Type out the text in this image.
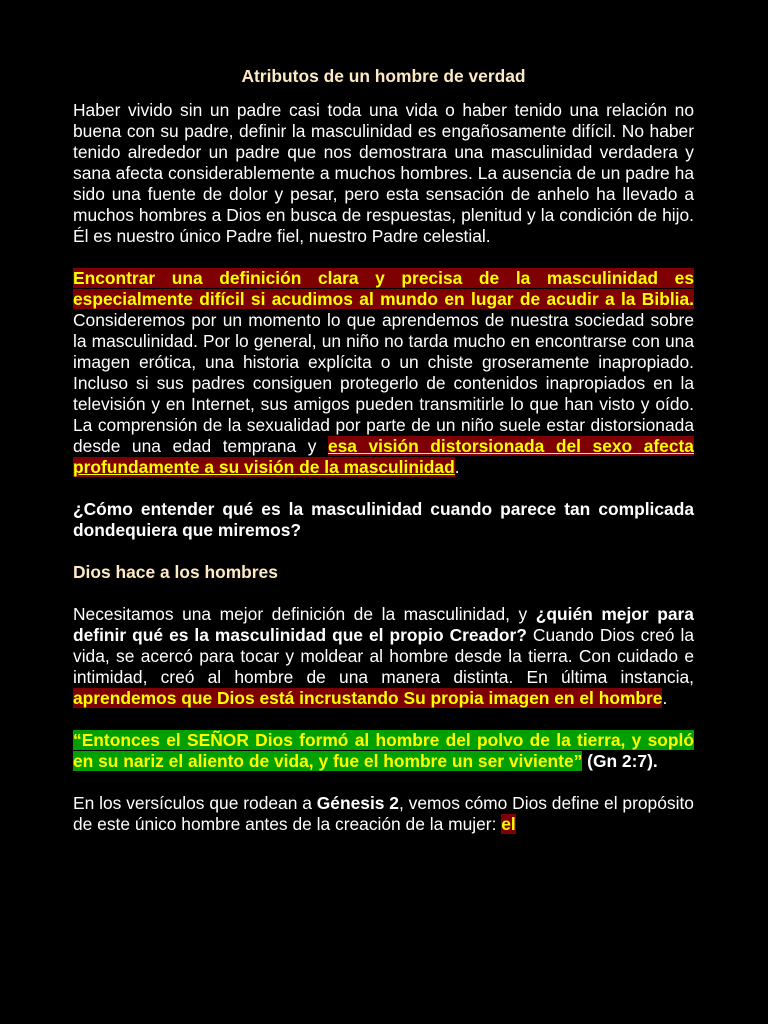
Atributos de un hombre de verdad

Haber vivido sin un padre casi toda una vida o haber tenido una relación no buena con su padre, definir la masculinidad es engañosamente difícil. No haber tenido alrededor un padre que nos demostrara una masculinidad verdadera y sana afecta considerablemente a muchos hombres. La ausencia de un padre ha sido una fuente de dolor y pesar, pero esta sensación de anhelo ha llevado a muchos hombres a Dios en busca de respuestas, plenitud y la condición de hijo. Él es nuestro único Padre fiel, nuestro Padre celestial.

Encontrar una definición clara y precisa de la masculinidad es especialmente difícil si acudimos al mundo en lugar de acudir a la Biblia. Consideremos por un momento lo que aprendemos de nuestra sociedad sobre la masculinidad. Por lo general, un niño no tarda mucho en encontrarse con una imagen erótica, una historia explícita o un chiste groseramente inapropiado. Incluso si sus padres consiguen protegerlo de contenidos inapropiados en la televisión y en Internet, sus amigos pueden transmitirle lo que han visto y oído. La comprensión de la sexualidad por parte de un niño suele estar distorsionada desde una edad temprana y esa visión distorsionada del sexo afecta profundamente a su visión de la masculinidad.

¿Cómo entender qué es la masculinidad cuando parece tan complicada dondequiera que miremos?

Dios hace a los hombres

Necesitamos una mejor definición de la masculinidad, y ¿quién mejor para definir qué es la masculinidad que el propio Creador? Cuando Dios creó la vida, se acercó para tocar y moldear al hombre desde la tierra. Con cuidado e intimidad, creó al hombre de una manera distinta. En última instancia, aprendemos que Dios está incrustando Su propia imagen en el hombre.

“Entonces el SEÑOR Dios formó al hombre del polvo de la tierra, y sopló en su nariz el aliento de vida, y fue el hombre un ser viviente” (Gn 2:7).

En los versículos que rodean a Génesis 2, vemos cómo Dios define el propósito de este único hombre antes de la creación de la mujer: el
